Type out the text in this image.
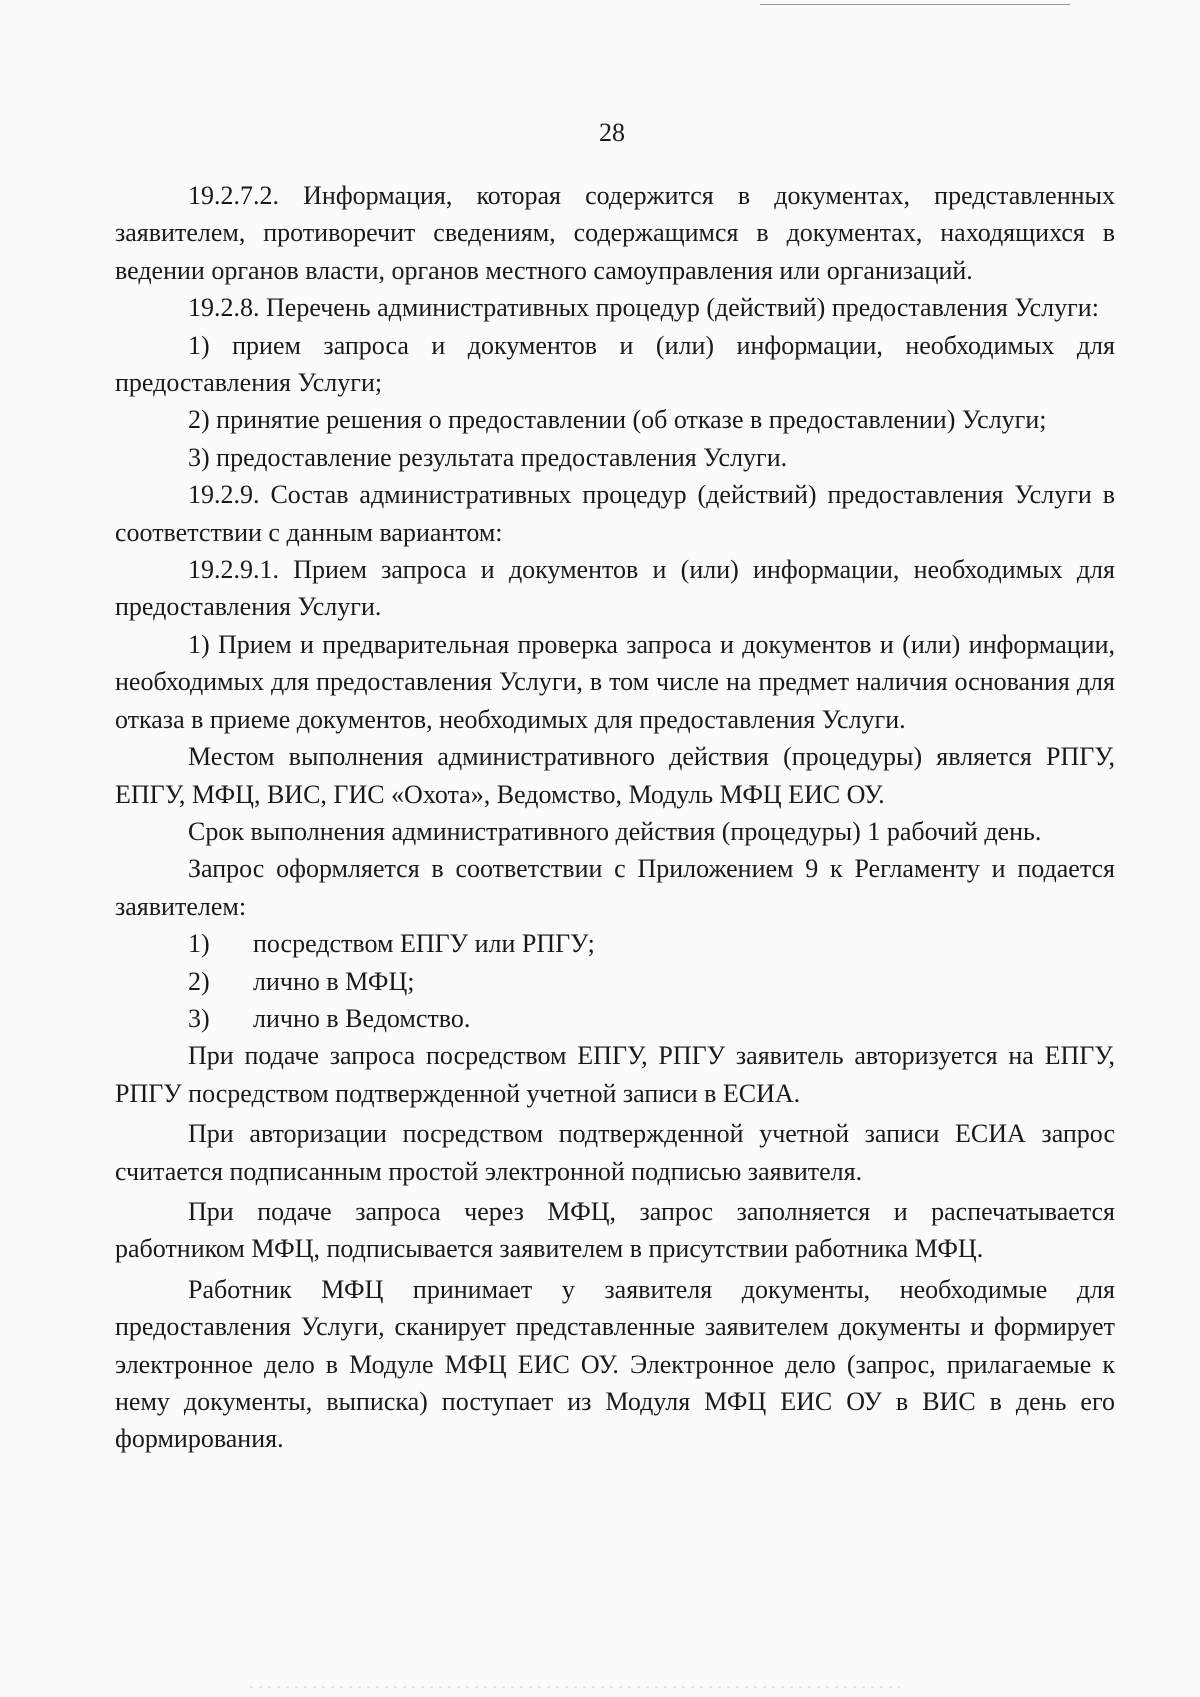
28

19.2.7.2. Информация, которая содержится в документах, представленных заявителем, противоречит сведениям, содержащимся в документах, находящихся в ведении органов власти, органов местного самоуправления или организаций.

19.2.8. Перечень административных процедур (действий) предоставления Услуги:

1) прием запроса и документов и (или) информации, необходимых для предоставления Услуги;

2) принятие решения о предоставлении (об отказе в предоставлении) Услуги;

3) предоставление результата предоставления Услуги.

19.2.9. Состав административных процедур (действий) предоставления Услуги в соответствии с данным вариантом:

19.2.9.1. Прием запроса и документов и (или) информации, необходимых для предоставления Услуги.

1) Прием и предварительная проверка запроса и документов и (или) информации, необходимых для предоставления Услуги, в том числе на предмет наличия основания для отказа в приеме документов, необходимых для предоставления Услуги.

Местом выполнения административного действия (процедуры) является РПГУ, ЕПГУ, МФЦ, ВИС, ГИС «Охота», Ведомство, Модуль МФЦ ЕИС ОУ.

Срок выполнения административного действия (процедуры) 1 рабочий день.

Запрос оформляется в соответствии с Приложением 9 к Регламенту и подается заявителем:

1)	посредством ЕПГУ или РПГУ;
2)	лично в МФЦ;
3)	лично в Ведомство.

При подаче запроса посредством ЕПГУ, РПГУ заявитель авторизуется на ЕПГУ, РПГУ посредством подтвержденной учетной записи в ЕСИА.

При авторизации посредством подтвержденной учетной записи ЕСИА запрос считается подписанным простой электронной подписью заявителя.

При подаче запроса через МФЦ, запрос заполняется и распечатывается работником МФЦ, подписывается заявителем в присутствии работника МФЦ.

Работник МФЦ принимает у заявителя документы, необходимые для предоставления Услуги, сканирует представленные заявителем документы и формирует электронное дело в Модуле МФЦ ЕИС ОУ. Электронное дело (запрос, прилагаемые к нему документы, выписка) поступает из Модуля МФЦ ЕИС ОУ в ВИС в день его формирования.
